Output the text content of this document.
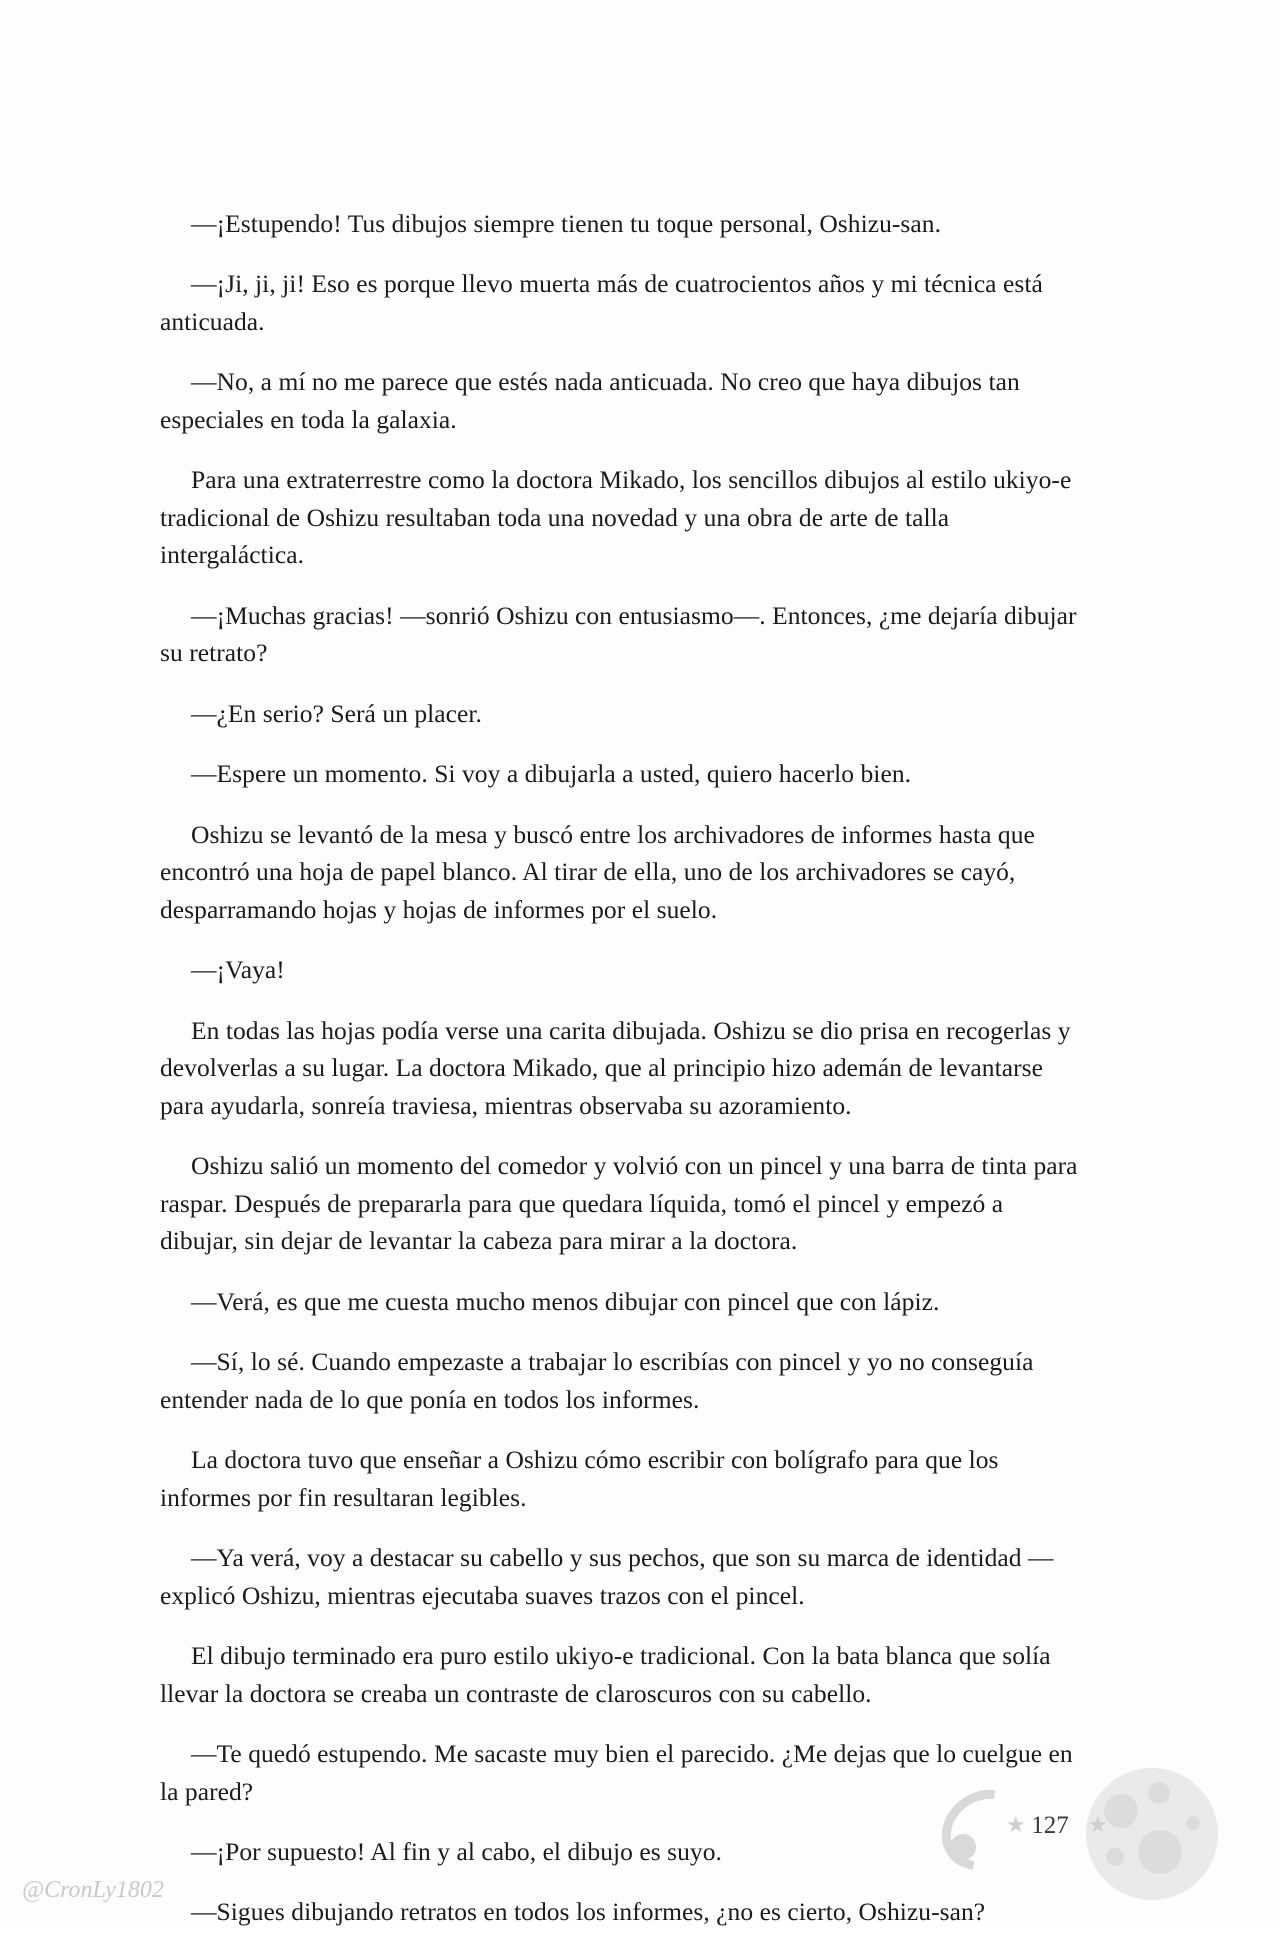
—¡Estupendo! Tus dibujos siempre tienen tu toque personal, Oshizu-san.

—¡Ji, ji, ji! Eso es porque llevo muerta más de cuatrocientos años y mi técnica está anticuada.

—No, a mí no me parece que estés nada anticuada. No creo que haya dibujos tan especiales en toda la galaxia.

Para una extraterrestre como la doctora Mikado, los sencillos dibujos al estilo ukiyo-e tradicional de Oshizu resultaban toda una novedad y una obra de arte de talla intergaláctica.

—¡Muchas gracias! —sonrió Oshizu con entusiasmo—. Entonces, ¿me dejaría dibujar su retrato?

—¿En serio? Será un placer.

—Espere un momento. Si voy a dibujarla a usted, quiero hacerlo bien.

Oshizu se levantó de la mesa y buscó entre los archivadores de informes hasta que encontró una hoja de papel blanco. Al tirar de ella, uno de los archivadores se cayó, desparramando hojas y hojas de informes por el suelo.

—¡Vaya!

En todas las hojas podía verse una carita dibujada. Oshizu se dio prisa en recogerlas y devolverlas a su lugar. La doctora Mikado, que al principio hizo ademán de levantarse para ayudarla, sonreía traviesa, mientras observaba su azoramiento.

Oshizu salió un momento del comedor y volvió con un pincel y una barra de tinta para raspar. Después de prepararla para que quedara líquida, tomó el pincel y empezó a dibujar, sin dejar de levantar la cabeza para mirar a la doctora.

—Verá, es que me cuesta mucho menos dibujar con pincel que con lápiz.

—Sí, lo sé. Cuando empezaste a trabajar lo escribías con pincel y yo no conseguía entender nada de lo que ponía en todos los informes.

La doctora tuvo que enseñar a Oshizu cómo escribir con bolígrafo para que los informes por fin resultaran legibles.

—Ya verá, voy a destacar su cabello y sus pechos, que son su marca de identidad —explicó Oshizu, mientras ejecutaba suaves trazos con el pincel.

El dibujo terminado era puro estilo ukiyo-e tradicional. Con la bata blanca que solía llevar la doctora se creaba un contraste de claroscuros con su cabello.

—Te quedó estupendo. Me sacaste muy bien el parecido. ¿Me dejas que lo cuelgue en la pared?

—¡Por supuesto! Al fin y al cabo, el dibujo es suyo.

—Sigues dibujando retratos en todos los informes, ¿no es cierto, Oshizu-san?

★	★
127
@CronLy1802
